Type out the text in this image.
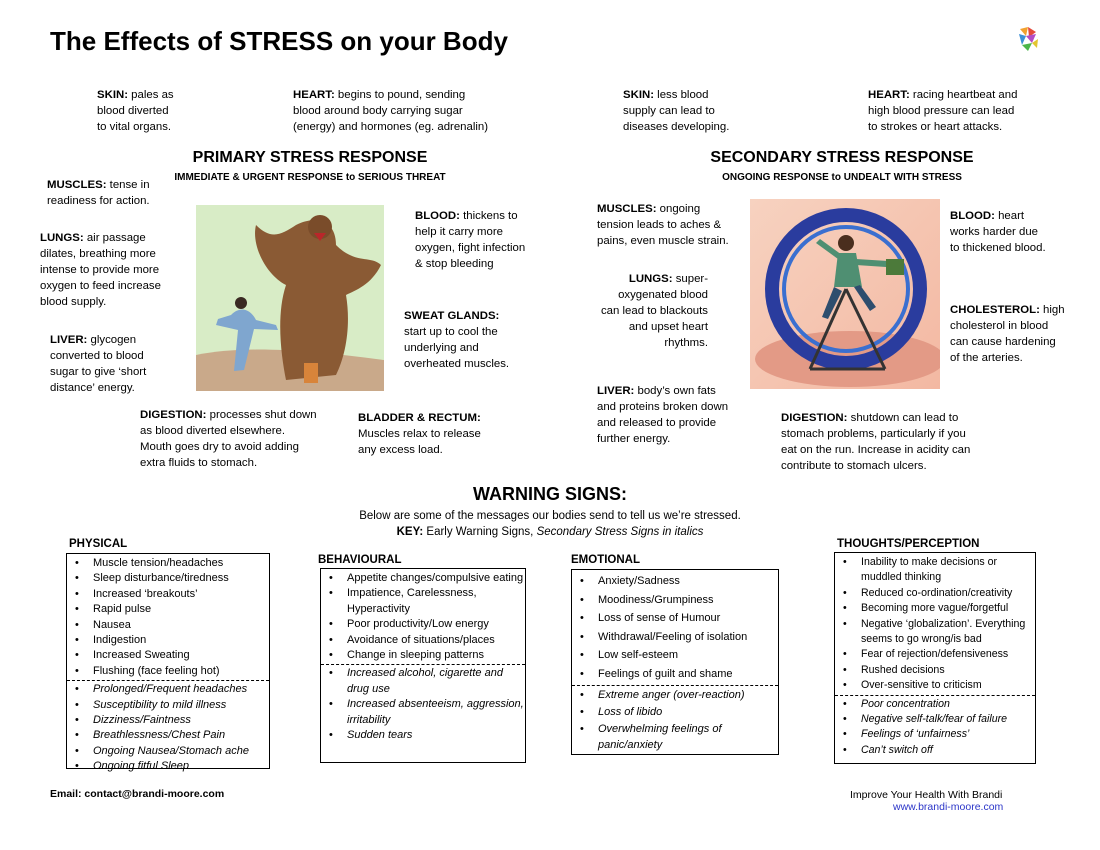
The Effects of STRESS on your Body
SKIN: pales as
blood diverted
to vital organs.
HEART: begins to pound, sending
blood around body carrying sugar
(energy) and hormones (eg. adrenalin)
PRIMARY STRESS RESPONSE
IMMEDIATE & URGENT RESPONSE to SERIOUS THREAT
MUSCLES: tense in
readiness for action.
LUNGS: air passage
dilates, breathing more
intense to provide more
oxygen to feed increase
blood supply.
LIVER: glycogen
converted to blood
sugar to give ‘short
distance’ energy.
BLOOD: thickens to
help it carry more
oxygen, fight infection
& stop bleeding
SWEAT GLANDS:
start up to cool the
underlying and
overheated muscles.
DIGESTION: processes shut down
as blood diverted elsewhere.
Mouth goes dry to avoid adding
extra fluids to stomach.
BLADDER & RECTUM:
Muscles relax to release
any excess load.
SKIN: less blood
supply can lead to
diseases developing.
HEART: racing heartbeat and
high blood pressure can lead
to strokes or heart attacks.
SECONDARY STRESS RESPONSE
ONGOING RESPONSE to UNDEALT WITH STRESS
MUSCLES: ongoing
tension leads to aches &
pains, even muscle strain.
LUNGS: super-
oxygenated blood
can lead to blackouts
and upset heart
rhythms.
LIVER: body’s own fats
and proteins broken down
and released to provide
further energy.
BLOOD: heart
works harder due
to thickened blood.
CHOLESTEROL: high
cholesterol in blood
can cause hardening
of the arteries.
DIGESTION: shutdown can lead to
stomach problems, particularly if you
eat on the run. Increase in acidity can
contribute to stomach ulcers.
WARNING SIGNS:
Below are some of the messages our bodies send to tell us we’re stressed.
KEY: Early Warning Signs, Secondary Stress Signs in italics
PHYSICAL
• Muscle tension/headaches
• Sleep disturbance/tiredness
• Increased ‘breakouts’
• Rapid pulse
• Nausea
• Indigestion
• Increased Sweating
• Flushing (face feeling hot)
• Prolonged/Frequent headaches
• Susceptibility to mild illness
• Dizziness/Faintness
• Breathlessness/Chest Pain
• Ongoing Nausea/Stomach ache
• Ongoing fitful Sleep
BEHAVIOURAL
• Appetite changes/compulsive eating
• Impatience, Carelessness, Hyperactivity
• Poor productivity/Low energy
• Avoidance of situations/places
• Change in sleeping patterns
• Increased alcohol, cigarette and drug use
• Increased absenteeism, aggression, irritability
• Sudden tears
EMOTIONAL
• Anxiety/Sadness
• Moodiness/Grumpiness
• Loss of sense of Humour
• Withdrawal/Feeling of isolation
• Low self-esteem
• Feelings of guilt and shame
• Extreme anger (over-reaction)
• Loss of libido
• Overwhelming feelings of panic/anxiety
THOUGHTS/PERCEPTION
• Inability to make decisions or muddled thinking
• Reduced co-ordination/creativity
• Becoming more vague/forgetful
• Negative ‘globalization’. Everything seems to go wrong/is bad
• Fear of rejection/defensiveness
• Rushed decisions
• Over-sensitive to criticism
• Poor concentration
• Negative self-talk/fear of failure
• Feelings of ‘unfairness’
• Can’t switch off
Email: contact@brandi-moore.com	Improve Your Health With Brandi
www.brandi-moore.com
